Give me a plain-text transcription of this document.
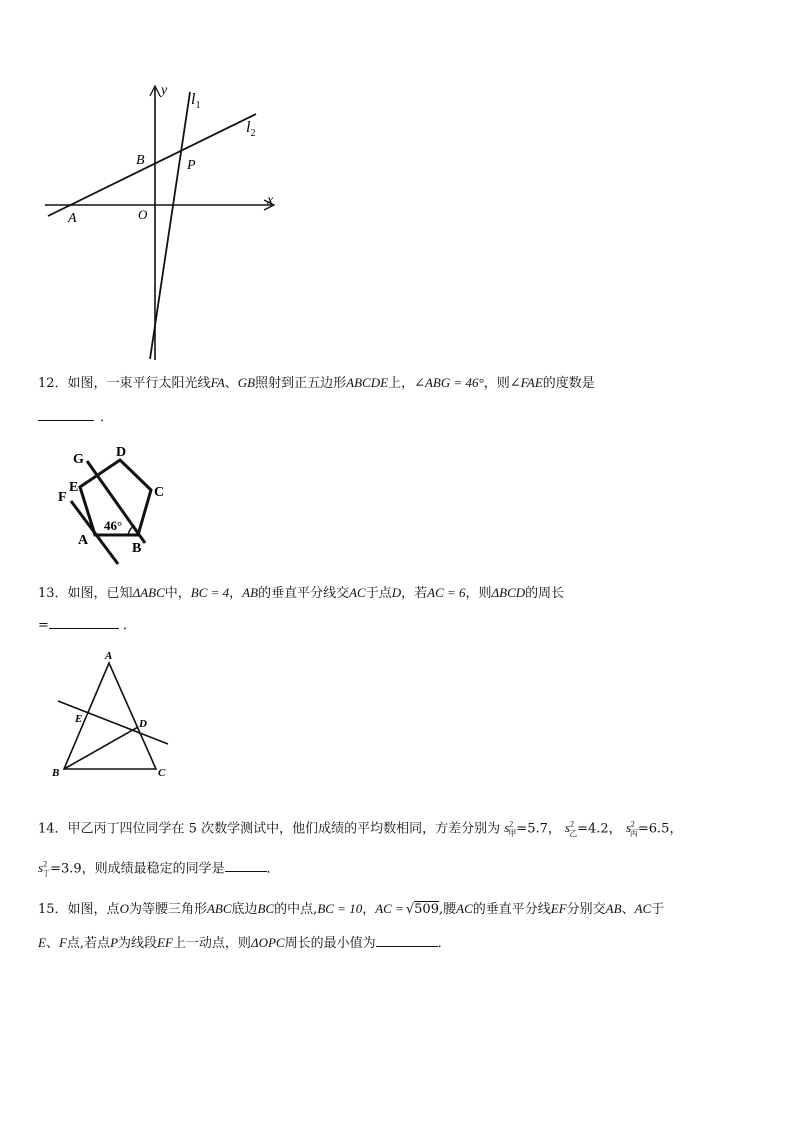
y
$l_1$
$l_2$
B	P
x
A	O
12．如图，一束平行太阳光线FA、GB照射到正五边形ABCDE上，∠ABG = 46°，则∠FAE的度数是
．
G D
E	C
F
46°
A
B
13．如图，已知ΔABC中，BC = 4，AB的垂直平分线交AC于点D，若AC = 6，则ΔBCD的周长
=	．
A
E	D
B	C
14．甲乙丙丁四位同学在 5 次数学测试中，他们成绩的平均数相同，方差分别为 $s^2_甲=5.7$， $s^2_乙=4.2$， $s^2_丙=6.5$，
$s^2_丁=3.9$，则成绩最稳定的同学是	．
15．如图，点O为等腰三角形ABC底边BC的中点,BC = 10，AC = √509,腰AC的垂直平分线EF分别交AB、AC于
E、F点,若点P为线段EF上一动点，则ΔOPC周长的最小值为	．
